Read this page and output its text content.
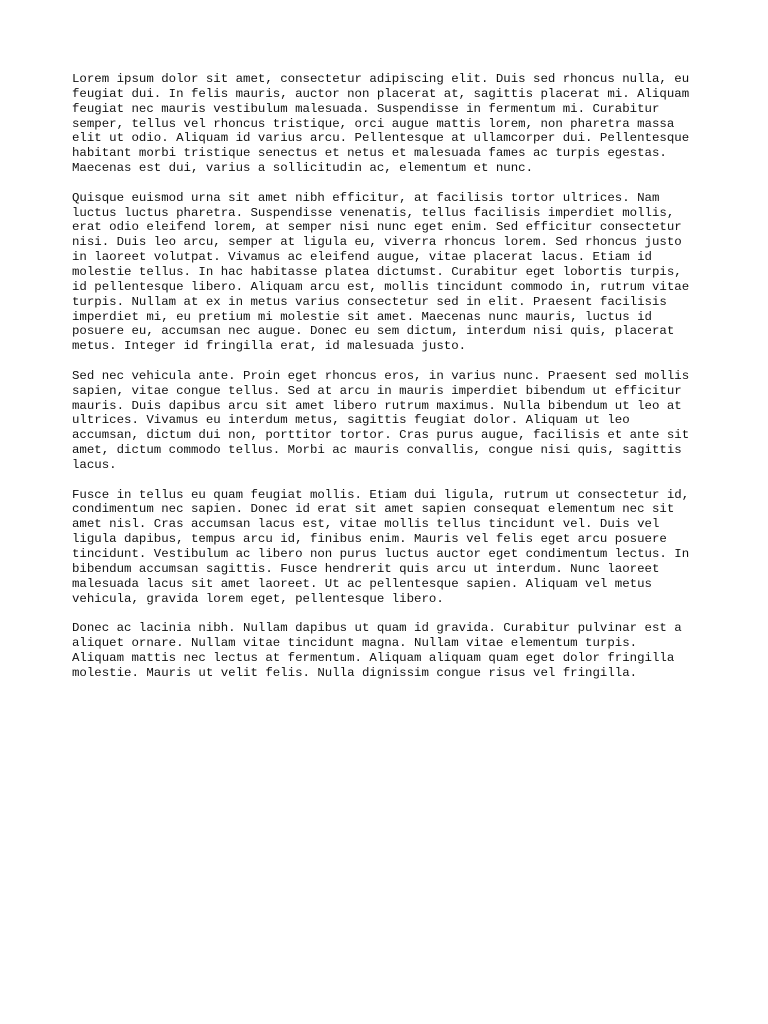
Lorem ipsum dolor sit amet, consectetur adipiscing elit. Duis sed rhoncus nulla, eu
feugiat dui. In felis mauris, auctor non placerat at, sagittis placerat mi. Aliquam
feugiat nec mauris vestibulum malesuada. Suspendisse in fermentum mi. Curabitur
semper, tellus vel rhoncus tristique, orci augue mattis lorem, non pharetra massa
elit ut odio. Aliquam id varius arcu. Pellentesque at ullamcorper dui. Pellentesque
habitant morbi tristique senectus et netus et malesuada fames ac turpis egestas.
Maecenas est dui, varius a sollicitudin ac, elementum et nunc.

Quisque euismod urna sit amet nibh efficitur, at facilisis tortor ultrices. Nam
luctus luctus pharetra. Suspendisse venenatis, tellus facilisis imperdiet mollis,
erat odio eleifend lorem, at semper nisi nunc eget enim. Sed efficitur consectetur
nisi. Duis leo arcu, semper at ligula eu, viverra rhoncus lorem. Sed rhoncus justo
in laoreet volutpat. Vivamus ac eleifend augue, vitae placerat lacus. Etiam id
molestie tellus. In hac habitasse platea dictumst. Curabitur eget lobortis turpis,
id pellentesque libero. Aliquam arcu est, mollis tincidunt commodo in, rutrum vitae
turpis. Nullam at ex in metus varius consectetur sed in elit. Praesent facilisis
imperdiet mi, eu pretium mi molestie sit amet. Maecenas nunc mauris, luctus id
posuere eu, accumsan nec augue. Donec eu sem dictum, interdum nisi quis, placerat
metus. Integer id fringilla erat, id malesuada justo.

Sed nec vehicula ante. Proin eget rhoncus eros, in varius nunc. Praesent sed mollis
sapien, vitae congue tellus. Sed at arcu in mauris imperdiet bibendum ut efficitur
mauris. Duis dapibus arcu sit amet libero rutrum maximus. Nulla bibendum ut leo at
ultrices. Vivamus eu interdum metus, sagittis feugiat dolor. Aliquam ut leo
accumsan, dictum dui non, porttitor tortor. Cras purus augue, facilisis et ante sit
amet, dictum commodo tellus. Morbi ac mauris convallis, congue nisi quis, sagittis
lacus.

Fusce in tellus eu quam feugiat mollis. Etiam dui ligula, rutrum ut consectetur id,
condimentum nec sapien. Donec id erat sit amet sapien consequat elementum nec sit
amet nisl. Cras accumsan lacus est, vitae mollis tellus tincidunt vel. Duis vel
ligula dapibus, tempus arcu id, finibus enim. Mauris vel felis eget arcu posuere
tincidunt. Vestibulum ac libero non purus luctus auctor eget condimentum lectus. In
bibendum accumsan sagittis. Fusce hendrerit quis arcu ut interdum. Nunc laoreet
malesuada lacus sit amet laoreet. Ut ac pellentesque sapien. Aliquam vel metus
vehicula, gravida lorem eget, pellentesque libero.

Donec ac lacinia nibh. Nullam dapibus ut quam id gravida. Curabitur pulvinar est a
aliquet ornare. Nullam vitae tincidunt magna. Nullam vitae elementum turpis.
Aliquam mattis nec lectus at fermentum. Aliquam aliquam quam eget dolor fringilla
molestie. Mauris ut velit felis. Nulla dignissim congue risus vel fringilla.
